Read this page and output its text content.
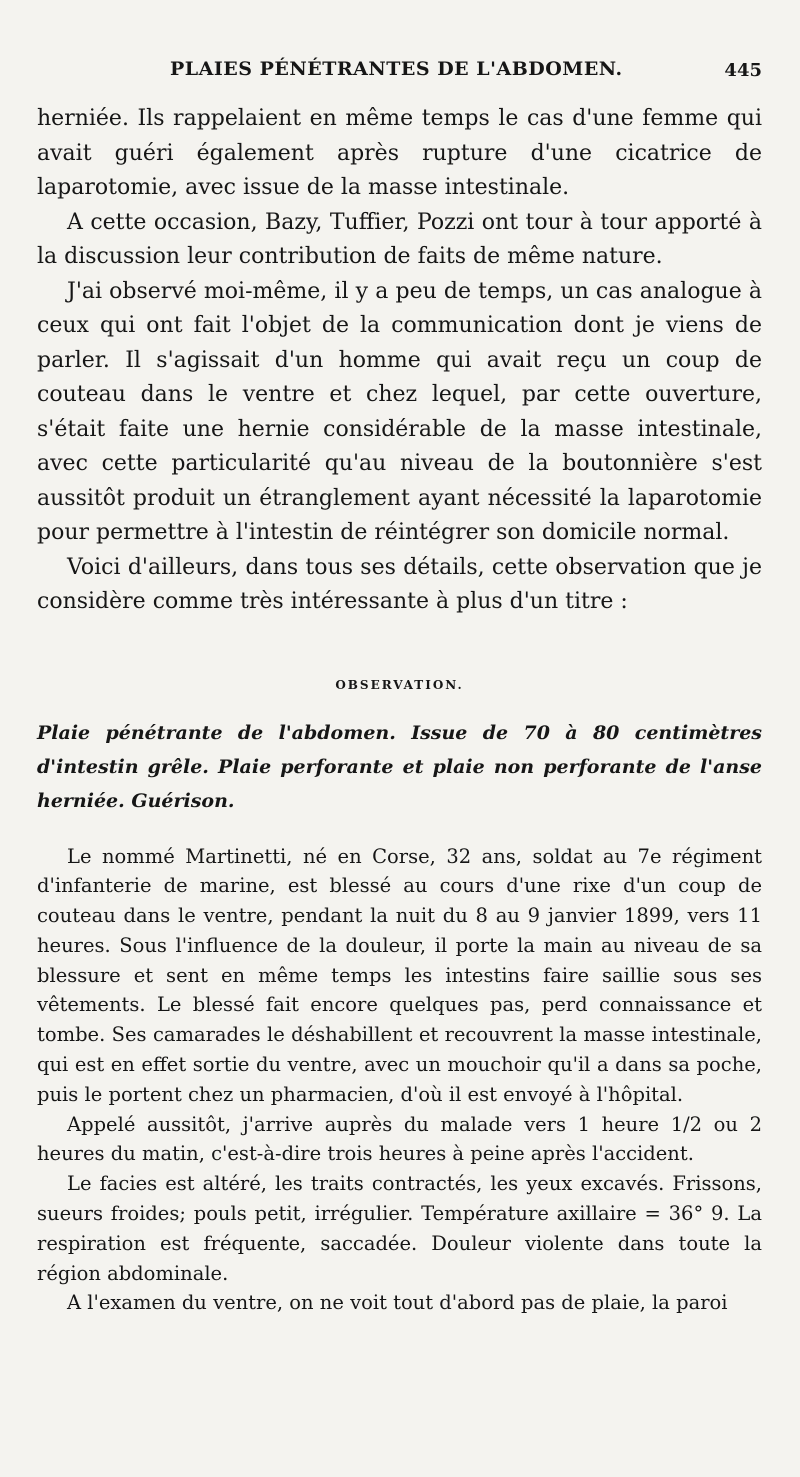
PLAIES PÉNÉTRANTES DE L'ABDOMEN.	445

herniée. Ils rappelaient en même temps le cas d'une femme qui avait guéri également après rupture d'une cicatrice de laparotomie, avec issue de la masse intestinale.

A cette occasion, Bazy, Tuffier, Pozzi ont tour à tour apporté à la discussion leur contribution de faits de même nature.

J'ai observé moi-même, il y a peu de temps, un cas analogue à ceux qui ont fait l'objet de la communication dont je viens de parler. Il s'agissait d'un homme qui avait reçu un coup de couteau dans le ventre et chez lequel, par cette ouverture, s'était faite une hernie considérable de la masse intestinale, avec cette particularité qu'au niveau de la boutonnière s'est aussitôt produit un étranglement ayant nécessité la laparotomie pour permettre à l'intestin de réintégrer son domicile normal.

Voici d'ailleurs, dans tous ses détails, cette observation que je considère comme très intéressante à plus d'un titre :

OBSERVATION.
Plaie pénétrante de l'abdomen. Issue de 70 à 80 centimètres d'intestin grêle. Plaie perforante et plaie non perforante de l'anse herniée. Guérison.

Le nommé Martinetti, né en Corse, 32 ans, soldat au 7e régiment d'infanterie de marine, est blessé au cours d'une rixe d'un coup de couteau dans le ventre, pendant la nuit du 8 au 9 janvier 1899, vers 11 heures. Sous l'influence de la douleur, il porte la main au niveau de sa blessure et sent en même temps les intestins faire saillie sous ses vêtements. Le blessé fait encore quelques pas, perd connaissance et tombe. Ses camarades le déshabillent et recouvrent la masse intestinale, qui est en effet sortie du ventre, avec un mouchoir qu'il a dans sa poche, puis le portent chez un pharmacien, d'où il est envoyé à l'hôpital.

Appelé aussitôt, j'arrive auprès du malade vers 1 heure 1/2 ou 2 heures du matin, c'est-à-dire trois heures à peine après l'accident.

Le facies est altéré, les traits contractés, les yeux excavés. Frissons, sueurs froides; pouls petit, irrégulier. Température axillaire = 36° 9. La respiration est fréquente, saccadée. Douleur violente dans toute la région abdominale.

A l'examen du ventre, on ne voit tout d'abord pas de plaie, la paroi
